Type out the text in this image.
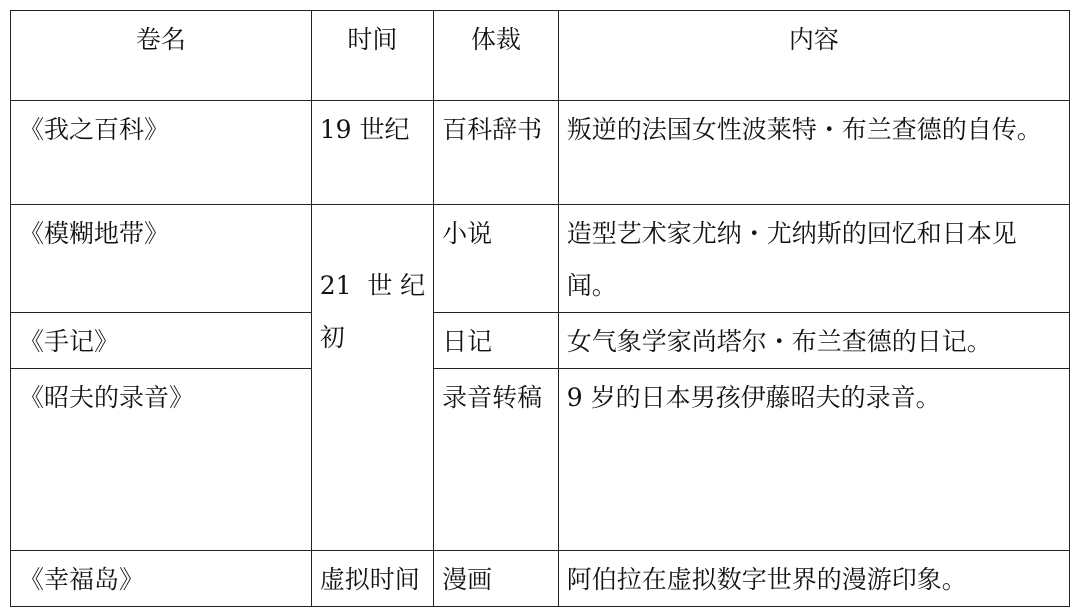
卷名	时间	体裁	内容
《我之百科》	19 世纪	百科辞书	叛逆的法国女性波莱特・布兰查德的自传。
《模糊地带》	21 世纪初	小说	造型艺术家尤纳・尤纳斯的回忆和日本见闻。
《手记》		日记	女气象学家尚塔尔・布兰查德的日记。
《昭夫的录音》		录音转稿	9 岁的日本男孩伊藤昭夫的录音。
《幸福岛》	虚拟时间	漫画	阿伯拉在虚拟数字世界的漫游印象。
